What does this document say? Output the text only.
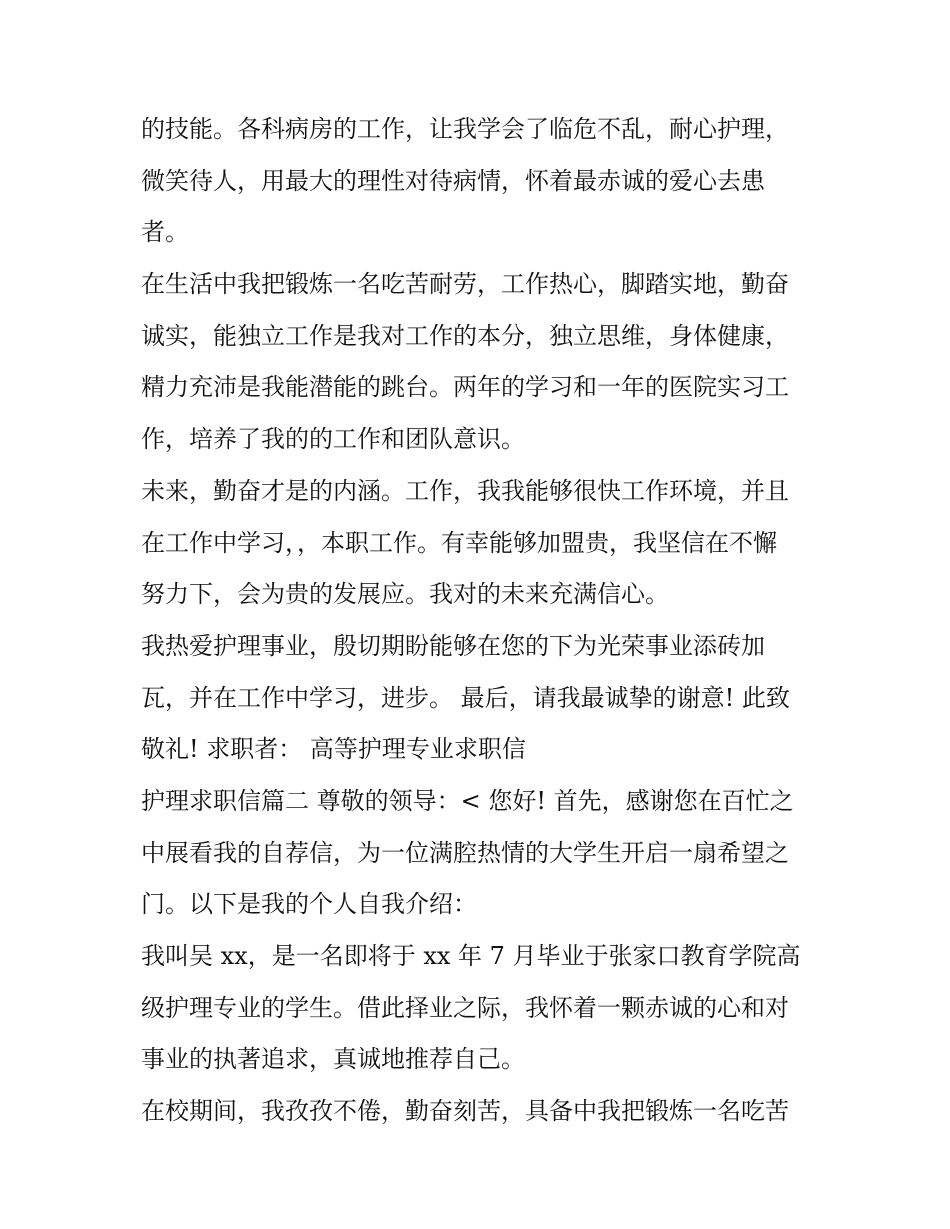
的技能。各科病房的工作，让我学会了临危不乱，耐心护理，
微笑待人，用最大的理性对待病情，怀着最赤诚的爱心去患
者。
在生活中我把锻炼一名吃苦耐劳，工作热心，脚踏实地，勤奋
诚实，能独立工作是我对工作的本分，独立思维，身体健康，
精力充沛是我能潜能的跳台。两年的学习和一年的医院实习工
作，培养了我的的工作和团队意识。
未来，勤奋才是的内涵。工作，我我能够很快工作环境，并且
在工作中学习，，本职工作。有幸能够加盟贵，我坚信在不懈
努力下，会为贵的发展应。我对的未来充满信心。
我热爱护理事业，殷切期盼能够在您的下为光荣事业添砖加
瓦，并在工作中学习，进步。 最后，请我最诚挚的谢意! 此致
敬礼! 求职者： 高等护理专业求职信
护理求职信篇二 尊敬的领导：< 您好! 首先，感谢您在百忙之
中展看我的自荐信，为一位满腔热情的大学生开启一扇希望之
门。以下是我的个人自我介绍：
我叫吴 xx，是一名即将于 xx 年 7 月毕业于张家口教育学院高
级护理专业的学生。借此择业之际，我怀着一颗赤诚的心和对
事业的执著追求，真诚地推荐自己。
在校期间，我孜孜不倦，勤奋刻苦，具备中我把锻炼一名吃苦
